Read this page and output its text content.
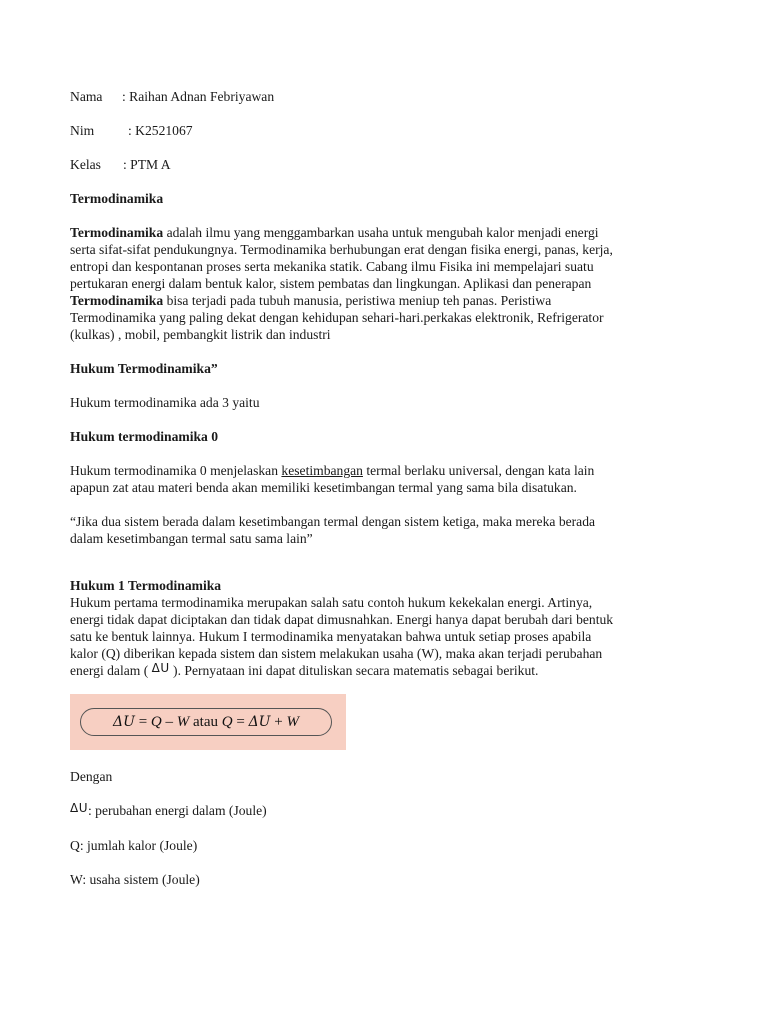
Nama : Raihan Adnan Febriyawan
Nim : K2521067
Kelas : PTM A
Termodinamika
Termodinamika adalah ilmu yang menggambarkan usaha untuk mengubah kalor menjadi energi
serta sifat-sifat pendukungnya. Termodinamika berhubungan erat dengan fisika energi, panas, kerja,
entropi dan kespontanan proses serta mekanika statik. Cabang ilmu Fisika ini mempelajari suatu
pertukaran energi dalam bentuk kalor, sistem pembatas dan lingkungan. Aplikasi dan penerapan
Termodinamika bisa terjadi pada tubuh manusia, peristiwa meniup teh panas. Peristiwa
Termodinamika yang paling dekat dengan kehidupan sehari-hari.perkakas elektronik, Refrigerator
(kulkas) , mobil, pembangkit listrik dan industri
Hukum Termodinamika”
Hukum termodinamika ada 3 yaitu
Hukum termodinamika 0
Hukum termodinamika 0 menjelaskan kesetimbangan termal berlaku universal, dengan kata lain
apapun zat atau materi benda akan memiliki kesetimbangan termal yang sama bila disatukan.
“Jika dua sistem berada dalam kesetimbangan termal dengan sistem ketiga, maka mereka berada
dalam kesetimbangan termal satu sama lain”
Hukum 1 Termodinamika
Hukum pertama termodinamika merupakan salah satu contoh hukum kekekalan energi. Artinya,
energi tidak dapat diciptakan dan tidak dapat dimusnahkan. Energi hanya dapat berubah dari bentuk
satu ke bentuk lainnya. Hukum I termodinamika menyatakan bahwa untuk setiap proses apabila
kalor (Q) diberikan kepada sistem dan sistem melakukan usaha (W), maka akan terjadi perubahan
energi dalam ( ΔU ). Pernyataan ini dapat dituliskan secara matematis sebagai berikut.
ΔU = Q – W atau Q = ΔU + W
Dengan
ΔU: perubahan energi dalam (Joule)
Q: jumlah kalor (Joule)
W: usaha sistem (Joule)
